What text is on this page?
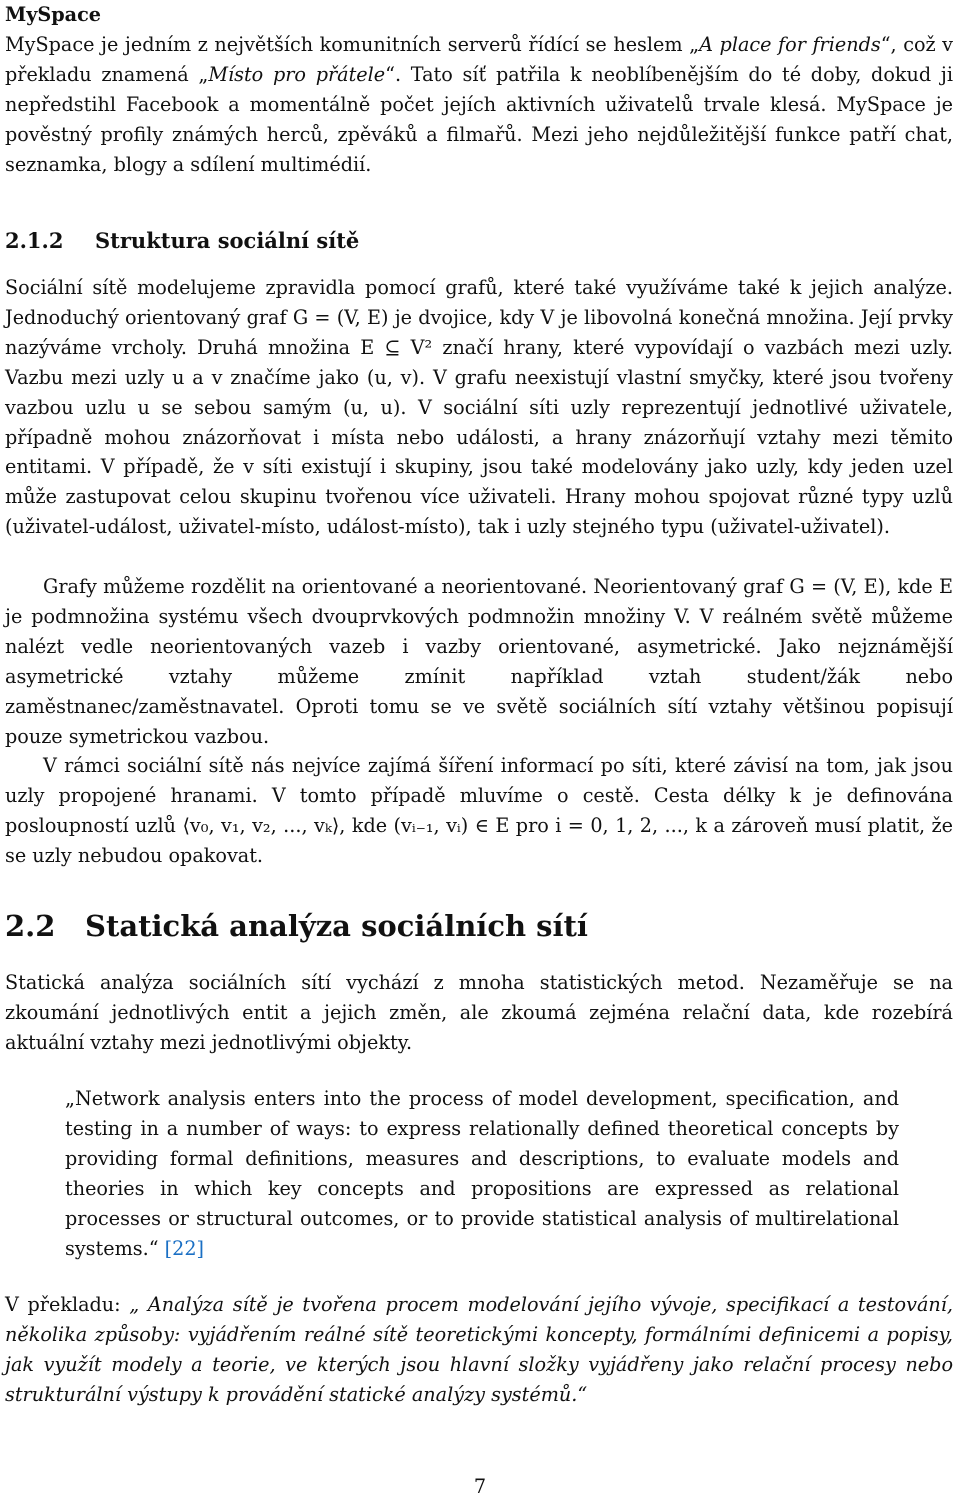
MySpace
MySpace je jedním z největších komunitních serverů řídící se heslem „A place for friends“, což v překladu znamená „Místo pro přátele“. Tato síť patřila k neoblíbenějším do té doby, dokud ji nepředstihl Facebook a momentálně počet jejích aktivních uživatelů trvale klesá. MySpace je pověstný profily známých herců, zpěváků a filmařů. Mezi jeho nejdůležitější funkce patří chat, seznamka, blogy a sdílení multimédií.

2.1.2 Struktura sociální sítě

Sociální sítě modelujeme zpravidla pomocí grafů, které také využíváme také k jejich analýze. Jednoduchý orientovaný graf G = (V, E) je dvojice, kdy V je libovolná konečná množina. Její prvky nazýváme vrcholy. Druhá množina E ⊆ V² značí hrany, které vypovídají o vazbách mezi uzly. Vazbu mezi uzly u a v značíme jako (u, v). V grafu neexistují vlastní smyčky, které jsou tvořeny vazbou uzlu u se sebou samým (u, u). V sociální síti uzly reprezentují jednotlivé uživatele, případně mohou znázorňovat i místa nebo události, a hrany znázorňují vztahy mezi těmito entitami. V případě, že v síti existují i skupiny, jsou také modelovány jako uzly, kdy jeden uzel může zastupovat celou skupinu tvořenou více uživateli. Hrany mohou spojovat různé typy uzlů (uživatel-událost, uživatel-místo, událost-místo), tak i uzly stejného typu (uživatel-uživatel).

Grafy můžeme rozdělit na orientované a neorientované. Neorientovaný graf G = (V, E), kde E je podmnožina systému všech dvouprvkových podmnožin množiny V. V reálném světě můžeme nalézt vedle neorientovaných vazeb i vazby orientované, asymetrické. Jako nejznámější asymetrické vztahy můžeme zmínit například vztah student/žák nebo zaměstnanec/zaměstnavatel. Oproti tomu se ve světě sociálních sítí vztahy většinou popisují pouze symetrickou vazbou.

V rámci sociální sítě nás nejvíce zajímá šíření informací po síti, které závisí na tom, jak jsou uzly propojené hranami. V tomto případě mluvíme o cestě. Cesta délky k je definována posloupností uzlů ⟨v₀, v₁, v₂, ..., vₖ⟩, kde (vᵢ₋₁, vᵢ) ∈ E pro i = 0, 1, 2, ..., k a zároveň musí platit, že se uzly nebudou opakovat.

2.2 Statická analýza sociálních sítí

Statická analýza sociálních sítí vychází z mnoha statistických metod. Nezaměřuje se na zkoumání jednotlivých entit a jejich změn, ale zkoumá zejména relační data, kde rozebírá aktuální vztahy mezi jednotlivými objekty.

„Network analysis enters into the process of model development, specification, and testing in a number of ways: to express relationally defined theoretical concepts by providing formal definitions, measures and descriptions, to evaluate models and theories in which key concepts and propositions are expressed as relational processes or structural outcomes, or to provide statistical analysis of multirelational systems.“ [22]

V překladu: „ Analýza sítě je tvořena procem modelování jejího vývoje, specifikací a testování, několika způsoby: vyjádřením reálné sítě teoretickými koncepty, formálními definicemi a popisy, jak využít modely a teorie, ve kterých jsou hlavní složky vyjádřeny jako relační procesy nebo strukturální výstupy k provádění statické analýzy systémů.“

7
